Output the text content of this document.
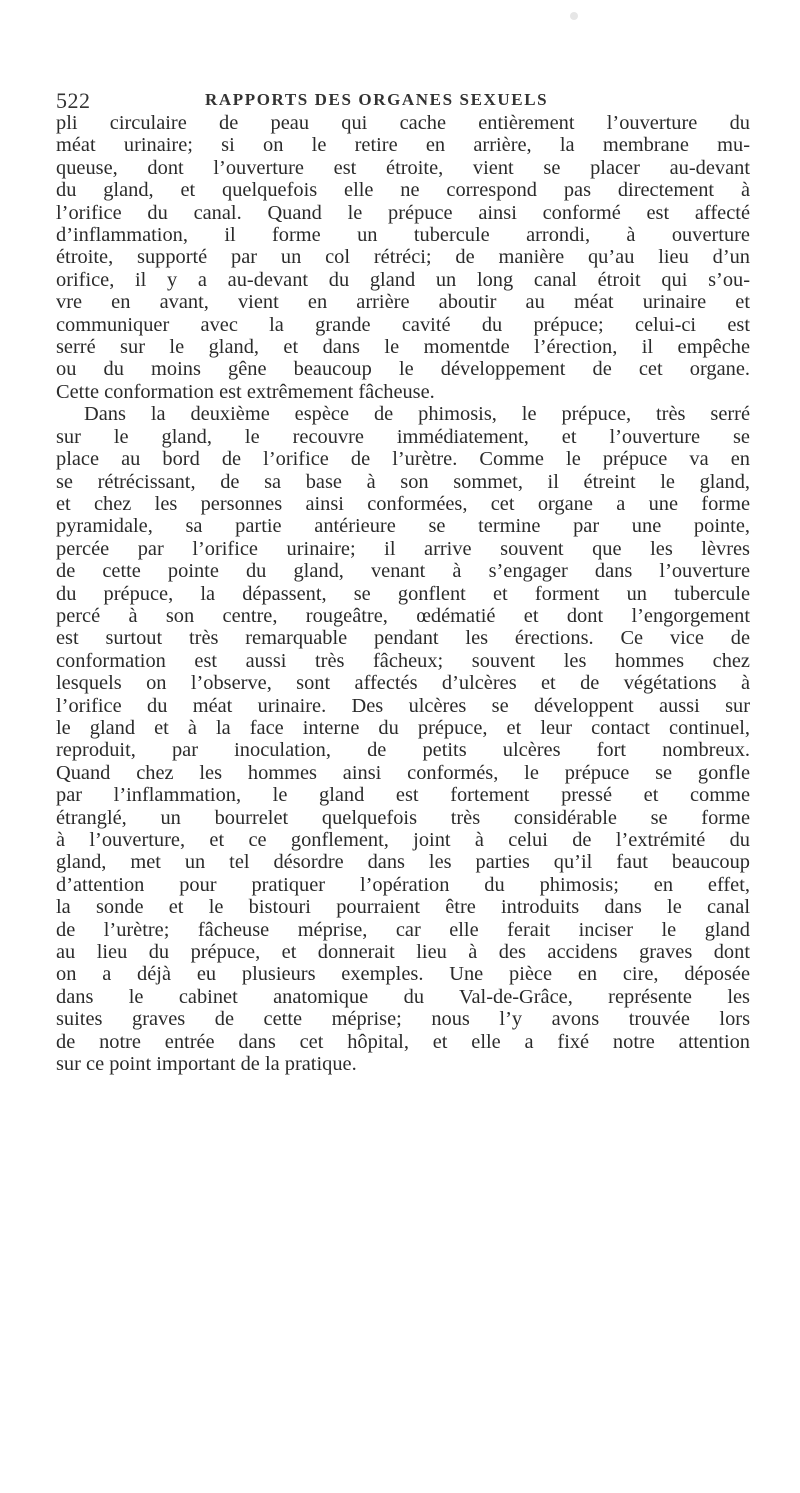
522	RAPPORTS DES ORGANES SEXUELS
pli circulaire de peau qui cache entièrement l’ouverture du
méat urinaire; si on le retire en arrière, la membrane mu-
queuse, dont l’ouverture est étroite, vient se placer au-devant
du gland, et quelquefois elle ne correspond pas directement à
l’orifice du canal. Quand le prépuce ainsi conformé est affecté
d’inflammation, il forme un tubercule arrondi, à ouverture
étroite, supporté par un col rétréci; de manière qu’au lieu d’un
orifice, il y a au-devant du gland un long canal étroit qui s’ou-
vre en avant, vient en arrière aboutir au méat urinaire et
communiquer avec la grande cavité du prépuce; celui-ci est
serré sur le gland, et dans le momentde l’érection, il empêche
ou du moins gêne beaucoup le développement de cet organe.
Cette conformation est extrêmement fâcheuse.
Dans la deuxième espèce de phimosis, le prépuce, très serré
sur le gland, le recouvre immédiatement, et l’ouverture se
place au bord de l’orifice de l’urètre. Comme le prépuce va en
se rétrécissant, de sa base à son sommet, il étreint le gland,
et chez les personnes ainsi conformées, cet organe a une forme
pyramidale, sa partie antérieure se termine par une pointe,
percée par l’orifice urinaire; il arrive souvent que les lèvres
de cette pointe du gland, venant à s’engager dans l’ouverture
du prépuce, la dépassent, se gonflent et forment un tubercule
percé à son centre, rougeâtre, œdématié et dont l’engorgement
est surtout très remarquable pendant les érections. Ce vice de
conformation est aussi très fâcheux; souvent les hommes chez
lesquels on l’observe, sont affectés d’ulcères et de végétations à
l’orifice du méat urinaire. Des ulcères se développent aussi sur
le gland et à la face interne du prépuce, et leur contact continuel,
reproduit, par inoculation, de petits ulcères fort nombreux.
Quand chez les hommes ainsi conformés, le prépuce se gonfle
par l’inflammation, le gland est fortement pressé et comme
étranglé, un bourrelet quelquefois très considérable se forme
à l’ouverture, et ce gonflement, joint à celui de l’extrémité du
gland, met un tel désordre dans les parties qu’il faut beaucoup
d’attention pour pratiquer l’opération du phimosis; en effet,
la sonde et le bistouri pourraient être introduits dans le canal
de l’urètre; fâcheuse méprise, car elle ferait inciser le gland
au lieu du prépuce, et donnerait lieu à des accidens graves dont
on a déjà eu plusieurs exemples. Une pièce en cire, déposée
dans le cabinet anatomique du Val-de-Grâce, représente les
suites graves de cette méprise; nous l’y avons trouvée lors
de notre entrée dans cet hôpital, et elle a fixé notre attention
sur ce point important de la pratique.
